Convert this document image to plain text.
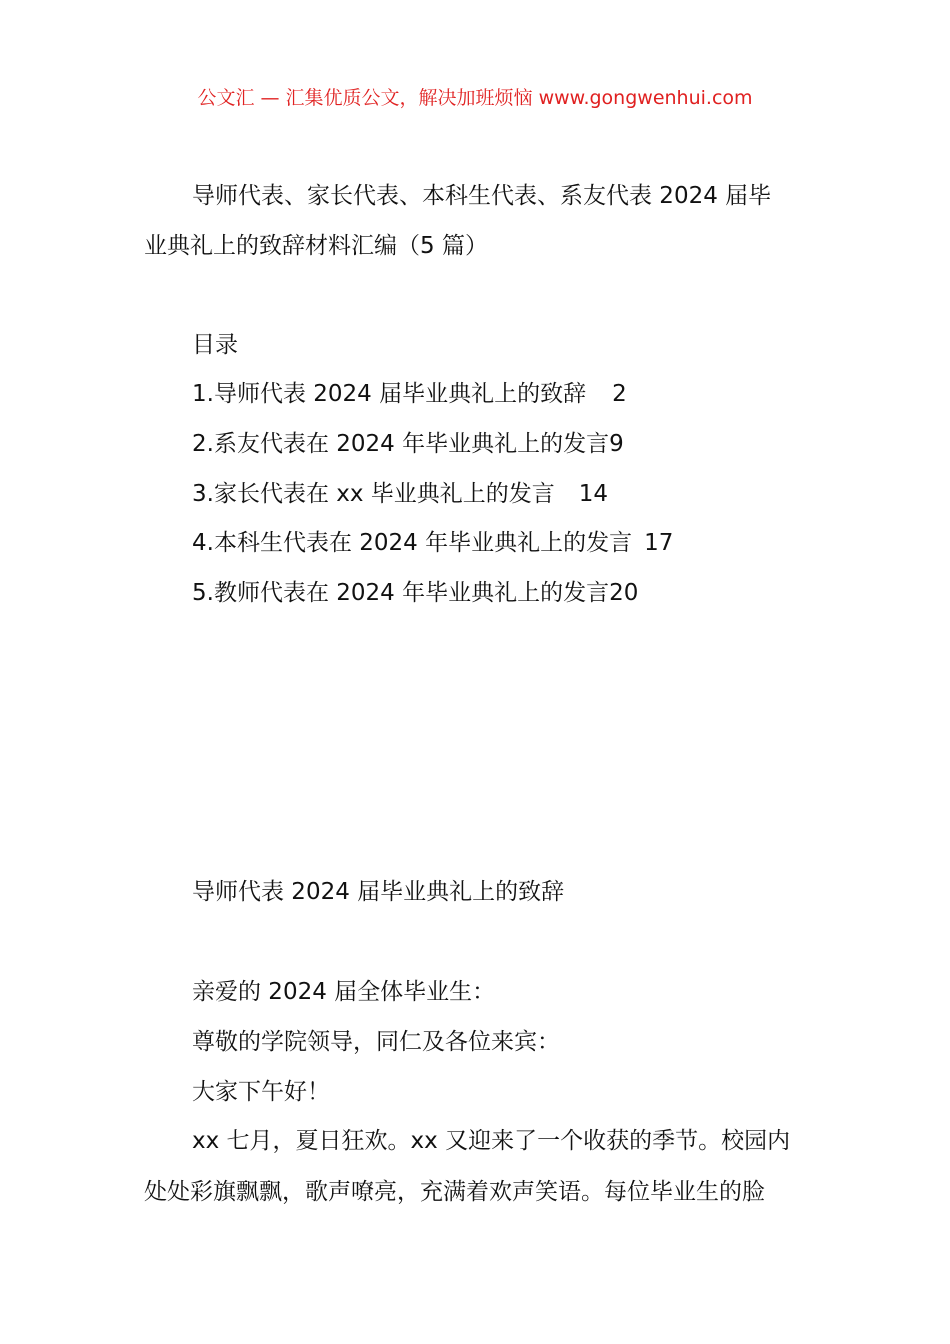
公文汇 — 汇集优质公文，解决加班烦恼 www.gongwenhui.com
导师代表、家长代表、本科生代表、系友代表 2024 届毕
业典礼上的致辞材料汇编（5 篇）
目录
1.导师代表 2024 届毕业典礼上的致辞 2
2.系友代表在 2024 年毕业典礼上的发言9
3.家长代表在 xx 毕业典礼上的发言 14
4.本科生代表在 2024 年毕业典礼上的发言 17
5.教师代表在 2024 年毕业典礼上的发言20
导师代表 2024 届毕业典礼上的致辞
亲爱的 2024 届全体毕业生：
尊敬的学院领导，同仁及各位来宾：
大家下午好！
xx 七月，夏日狂欢。xx 又迎来了一个收获的季节。校园内
处处彩旗飘飘，歌声嘹亮，充满着欢声笑语。每位毕业生的脸
